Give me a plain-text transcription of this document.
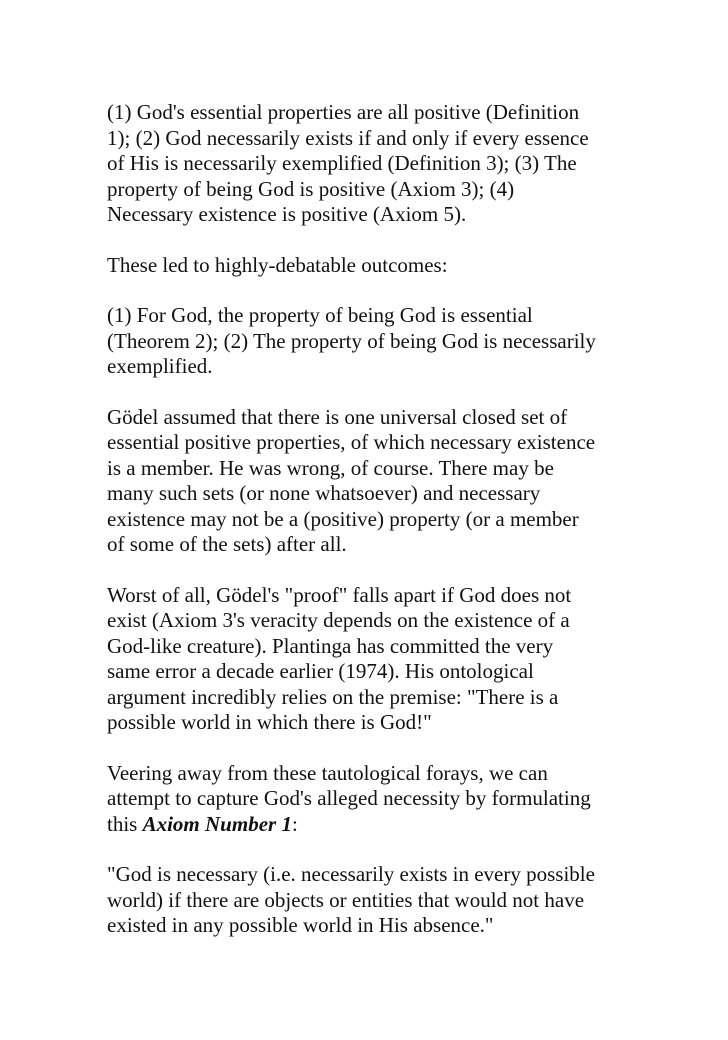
(1) God's essential properties are all positive (Definition
1); (2) God necessarily exists if and only if every essence
of His is necessarily exemplified (Definition 3); (3) The
property of being God is positive (Axiom 3); (4)
Necessary existence is positive (Axiom 5).

These led to highly-debatable outcomes:

(1) For God, the property of being God is essential
(Theorem 2); (2) The property of being God is necessarily
exemplified.

Gödel assumed that there is one universal closed set of
essential positive properties, of which necessary existence
is a member. He was wrong, of course. There may be
many such sets (or none whatsoever) and necessary
existence may not be a (positive) property (or a member
of some of the sets) after all.

Worst of all, Gödel's "proof" falls apart if God does not
exist (Axiom 3's veracity depends on the existence of a
God-like creature). Plantinga has committed the very
same error a decade earlier (1974). His ontological
argument incredibly relies on the premise: "There is a
possible world in which there is God!"

Veering away from these tautological forays, we can
attempt to capture God's alleged necessity by formulating
this Axiom Number 1:

"God is necessary (i.e. necessarily exists in every possible
world) if there are objects or entities that would not have
existed in any possible world in His absence."
